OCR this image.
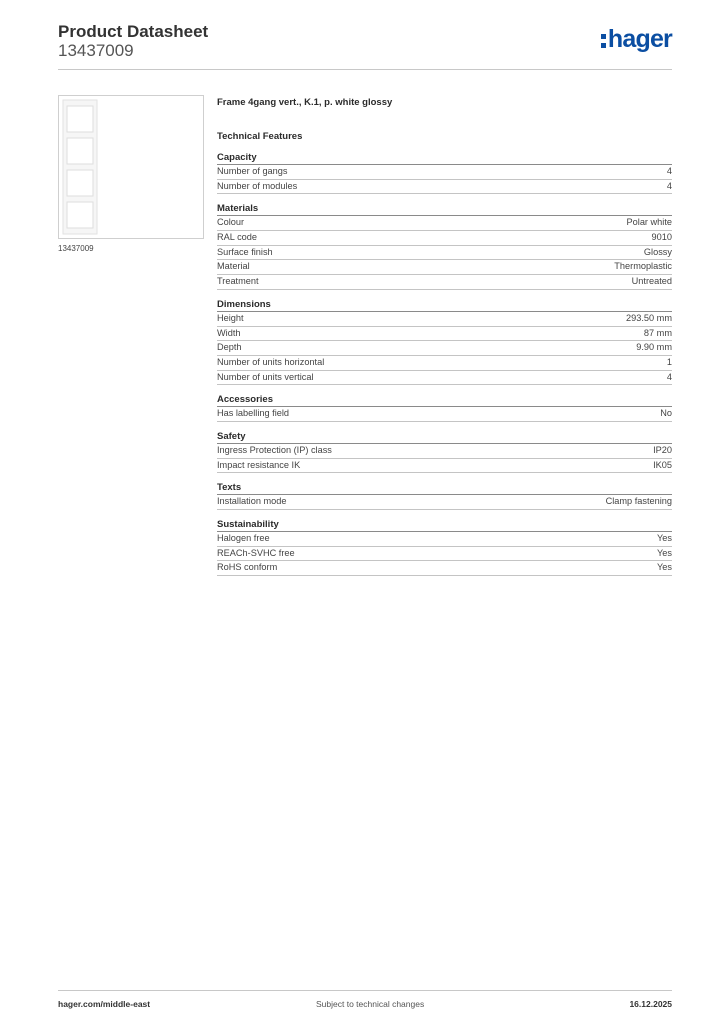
Product Datasheet
13437009	hager
13437009
Frame 4gang vert., K.1, p. white glossy
Technical Features
Capacity
Number of gangs	4
Number of modules	4
Materials
Colour	Polar white
RAL code	9010
Surface finish	Glossy
Material	Thermoplastic
Treatment	Untreated
Dimensions
Height	293.50 mm
Width	87 mm
Depth	9.90 mm
Number of units horizontal	1
Number of units vertical	4
Accessories
Has labelling field	No
Safety
Ingress Protection (IP) class	IP20
Impact resistance IK	IK05
Texts
Installation mode	Clamp fastening
Sustainability
Halogen free	Yes
REACh-SVHC free	Yes
RoHS conform	Yes
hager.com/middle-east	Subject to technical changes	16.12.2025
